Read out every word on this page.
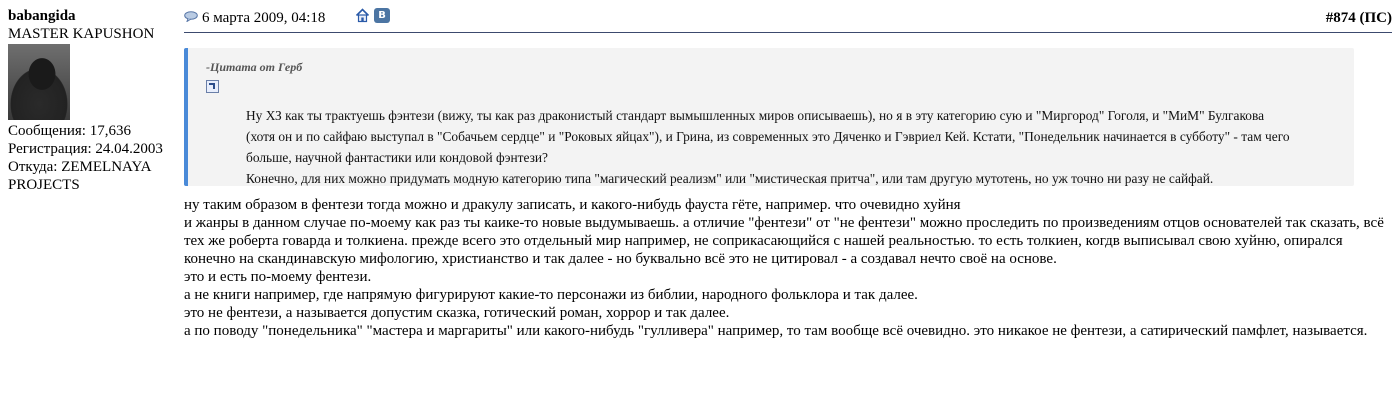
babangida
MASTER KAPUSHON
Сообщения: 17,636
Регистрация: 24.04.2003
Откуда: ZEMELNAYA
PROJECTS
6 марта 2009, 04:18	В	#874 (ПС)
-Цитата от Герб

Ну ХЗ как ты трактуешь фэнтези (вижу, ты как раз драконистый стандарт вымышленных миров описываешь), но я в эту категорию сую и "Миргород" Гоголя, и "МиМ" Булгакова

(хотя он и по сайфаю выступал в "Собачьем сердце" и "Роковых яйцах"), и Грина, из современных это Дяченко и Гэвриел Кей. Кстати, "Понедельник начинается в субботу" - там чего

больше, научной фантастики или кондовой фэнтези?

Конечно, для них можно придумать модную категорию типа "магический реализм" или "мистическая притча", или там другую мутотень, но уж точно ни разу не сайфай.

ну таким образом в фентези тогда можно и дракулу записать, и какого-нибудь фауста гёте, например. что очевидно хуйня

и жанры в данном случае по-моему как раз ты каике-то новые выдумываешь. а отличие "фентези" от "не фентези" можно проследить по произведениям отцов основателей так сказать, всё тех же роберта говарда и толкиена. прежде всего это отдельный мир например, не соприкасающийся с нашей реальностью. то есть толкиен, когдв выписывал свою хуйню, опирался конечно на скандинавскую мифологию, христианство и так далее - но буквально всё это не цитировал - а создавал нечто своё на основе.

это и есть по-моему фентези.

а не книги например, где напрямую фигурируют какие-то персонажи из библии, народного фольклора и так далее.

это не фентези, а называется допустим сказка, готический роман, хоррор и так далее.

а по поводу "понедельника" "мастера и маргариты" или какого-нибудь "гулливера" например, то там вообще всё очевидно. это никакое не фентези, а сатирический памфлет, называется.
